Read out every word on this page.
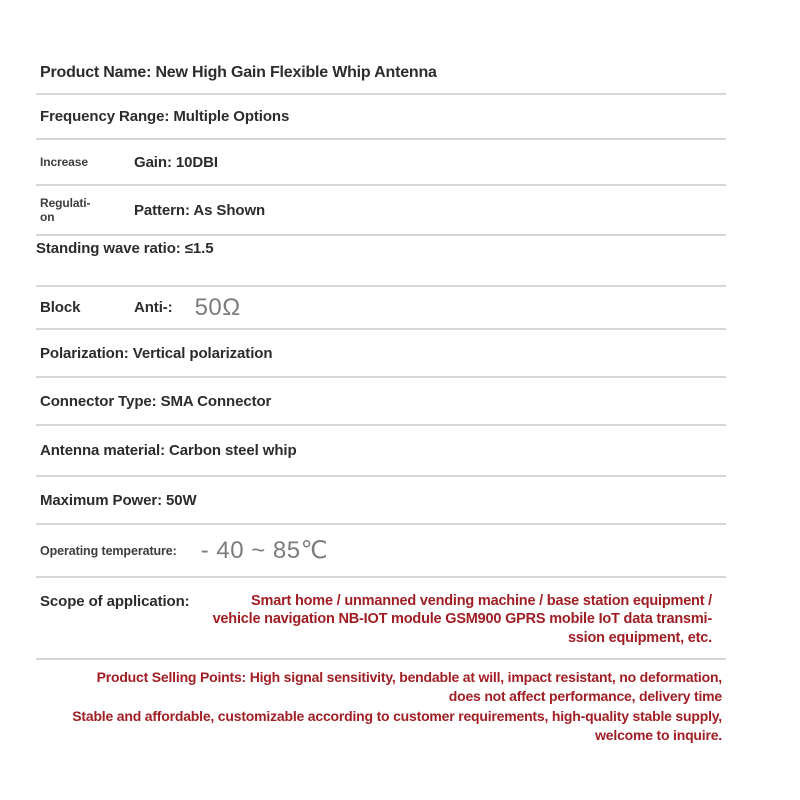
Product Name: New High Gain Flexible Whip Antenna
Frequency Range: Multiple Options
Increase	Gain: 10DBI
Regulati-
on	Pattern: As Shown
Standing wave ratio: ≤1.5
Block	Anti-: 50Ω
Polarization: Vertical polarization
Connector Type: SMA Connector
Antenna material: Carbon steel whip
Maximum Power: 50W
Operating temperature: - 40 ~ 85℃
Scope of application:	Smart home / unmanned vending machine / base station equipment /
vehicle navigation NB-IOT module GSM900 GPRS mobile IoT data transmi-
ssion equipment, etc.
Product Selling Points: High signal sensitivity, bendable at will, impact resistant, no deformation,
does not affect performance, delivery time
Stable and affordable, customizable according to customer requirements, high-quality stable supply,
welcome to inquire.
